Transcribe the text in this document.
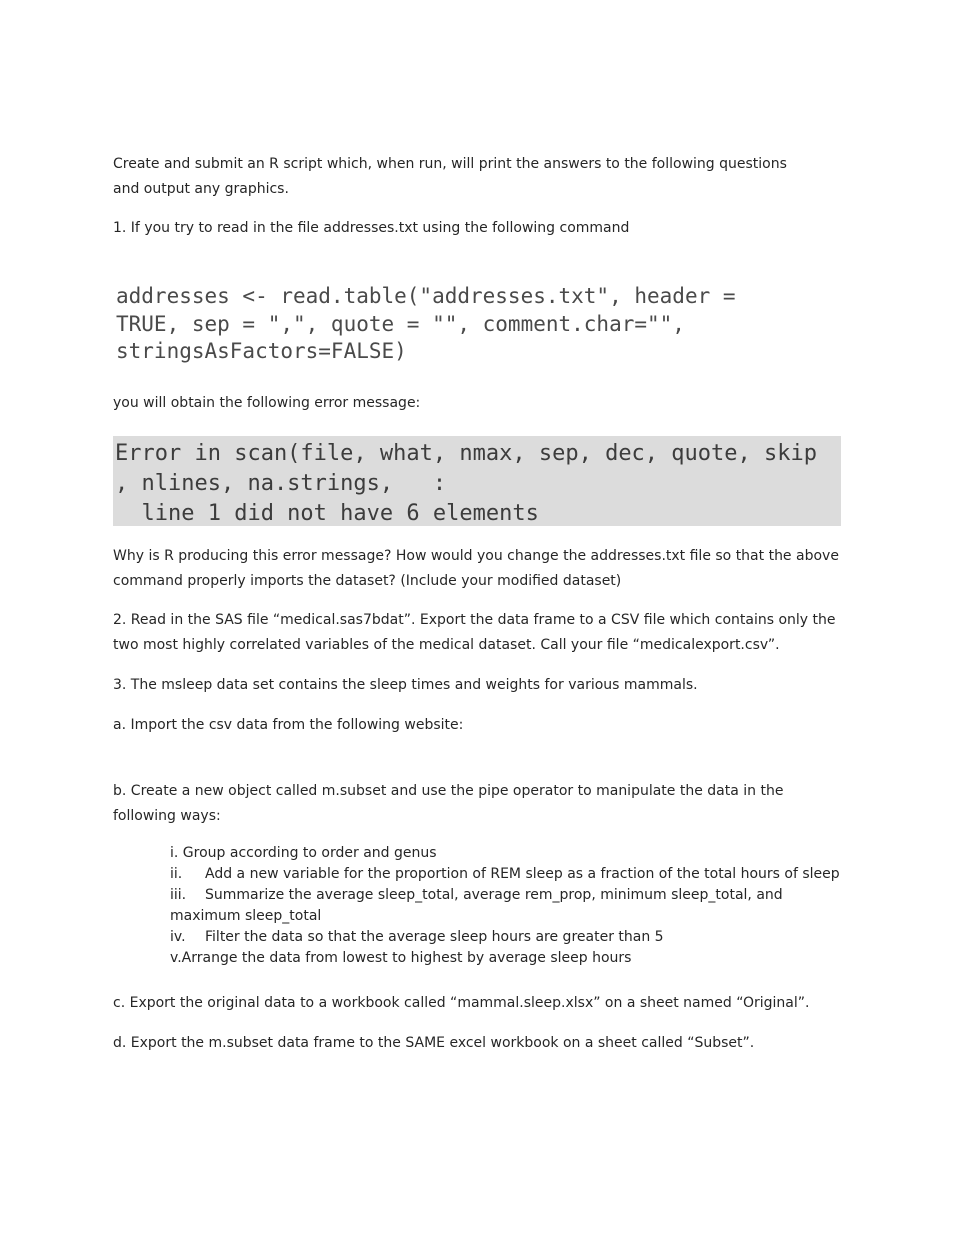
Create and submit an R script which, when run, will print the answers to the following questions
and output any graphics.

1. If you try to read in the file addresses.txt using the following command

addresses <- read.table("addresses.txt", header =
TRUE, sep = ",", quote = "", comment.char="",
stringsAsFactors=FALSE)

you will obtain the following error message:

Error in scan(file, what, nmax, sep, dec, quote, skip
, nlines, na.strings,   :
line 1 did not have 6 elements

Why is R producing this error message? How would you change the addresses.txt file so that the above
command properly imports the dataset? (Include your modified dataset)

2. Read in the SAS file “medical.sas7bdat”. Export the data frame to a CSV file which contains only the
two most highly correlated variables of the medical dataset. Call your file “medicalexport.csv”.

3. The msleep data set contains the sleep times and weights for various mammals.

a. Import the csv data from the following website:

b. Create a new object called m.subset and use the pipe operator to manipulate the data in the
following ways:

i. Group according to order and genus
ii. Add a new variable for the proportion of REM sleep as a fraction of the total hours of sleep
iii. Summarize the average sleep_total, average rem_prop, minimum sleep_total, and
maximum sleep_total
iv. Filter the data so that the average sleep hours are greater than 5
v.Arrange the data from lowest to highest by average sleep hours

c. Export the original data to a workbook called “mammal.sleep.xlsx” on a sheet named “Original”.

d. Export the m.subset data frame to the SAME excel workbook on a sheet called “Subset”.
